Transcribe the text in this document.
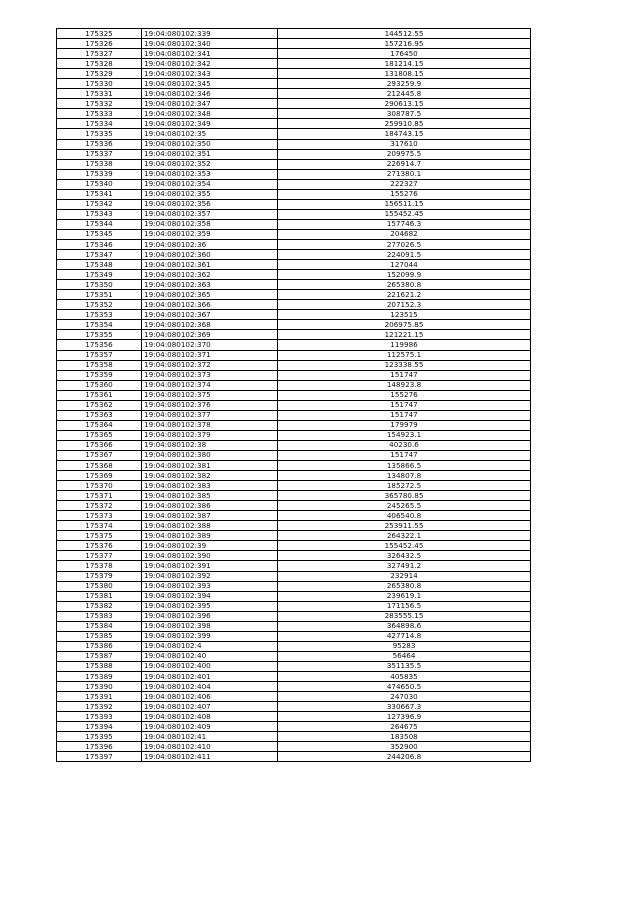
175325	19:04:080102:339	144512.55
175326	19:04:080102:340	157216.95
175327	19:04:080102:341	176450
175328	19:04:080102:342	181214.15
175329	19:04:080102:343	131808.15
175330	19:04:080102:345	293259.9
175331	19:04:080102:346	212445.8
175332	19:04:080102:347	290613.15
175333	19:04:080102:348	308787.5
175334	19:04:080102:349	259910.85
175335	19:04:080102:35	184743.15
175336	19:04:080102:350	317610
175337	19:04:080102:351	209975.5
175338	19:04:080102:352	226914.7
175339	19:04:080102:353	271380.1
175340	19:04:080102:354	222327
175341	19:04:080102:355	155276
175342	19:04:080102:356	156511.15
175343	19:04:080102:357	155452.45
175344	19:04:080102:358	157746.3
175345	19:04:080102:359	204682
175346	19:04:080102:36	277026.5
175347	19:04:080102:360	224091.5
175348	19:04:080102:361	127044
175349	19:04:080102:362	152099.9
175350	19:04:080102:363	265380.8
175351	19:04:080102:365	221621.2
175352	19:04:080102:366	207152.3
175353	19:04:080102:367	123515
175354	19:04:080102:368	206975.85
175355	19:04:080102:369	121221.15
175356	19:04:080102:370	119986
175357	19:04:080102:371	112575.1
175358	19:04:080102:372	123338.55
175359	19:04:080102:373	151747
175360	19:04:080102:374	148923.8
175361	19:04:080102:375	155276
175362	19:04:080102:376	151747
175363	19:04:080102:377	151747
175364	19:04:080102:378	179979
175365	19:04:080102:379	154923.1
175366	19:04:080102:38	40230.6
175367	19:04:080102:380	151747
175368	19:04:080102:381	135866.5
175369	19:04:080102:382	134807.8
175370	19:04:080102:383	185272.5
175371	19:04:080102:385	365780.85
175372	19:04:080102:386	245265.5
175373	19:04:080102:387	406540.8
175374	19:04:080102:388	253911.55
175375	19:04:080102:389	264322.1
175376	19:04:080102:39	155452.45
175377	19:04:080102:390	326432.5
175378	19:04:080102:391	327491.2
175379	19:04:080102:392	232914
175380	19:04:080102:393	265380.8
175381	19:04:080102:394	239619.1
175382	19:04:080102:395	171156.5
175383	19:04:080102:396	283555.15
175384	19:04:080102:398	364898.6
175385	19:04:080102:399	427714.8
175386	19:04:080102:4	95283
175387	19:04:080102:40	56464
175388	19:04:080102:400	351135.5
175389	19:04:080102:401	405835
175390	19:04:080102:404	474650.5
175391	19:04:080102:406	247030
175392	19:04:080102:407	330667.3
175393	19:04:080102:408	127396.9
175394	19:04:080102:409	264675
175395	19:04:080102:41	183508
175396	19:04:080102:410	352900
175397	19:04:080102:411	244206.8
